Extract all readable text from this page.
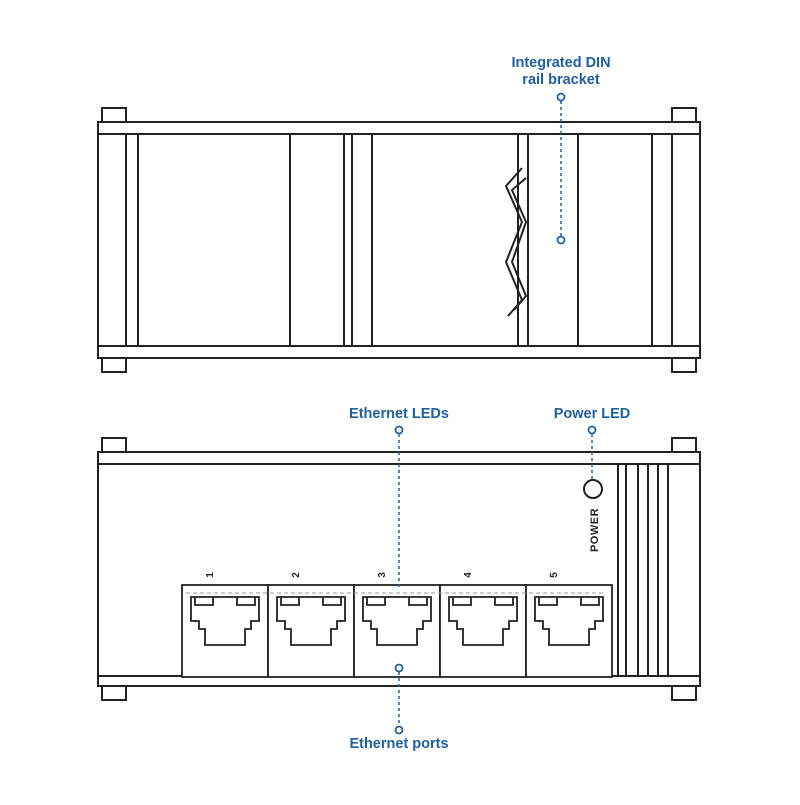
Integrated DIN
rail bracket
POWER
1	2	3	4	5
Ethernet LEDs	Power LED
Ethernet ports
